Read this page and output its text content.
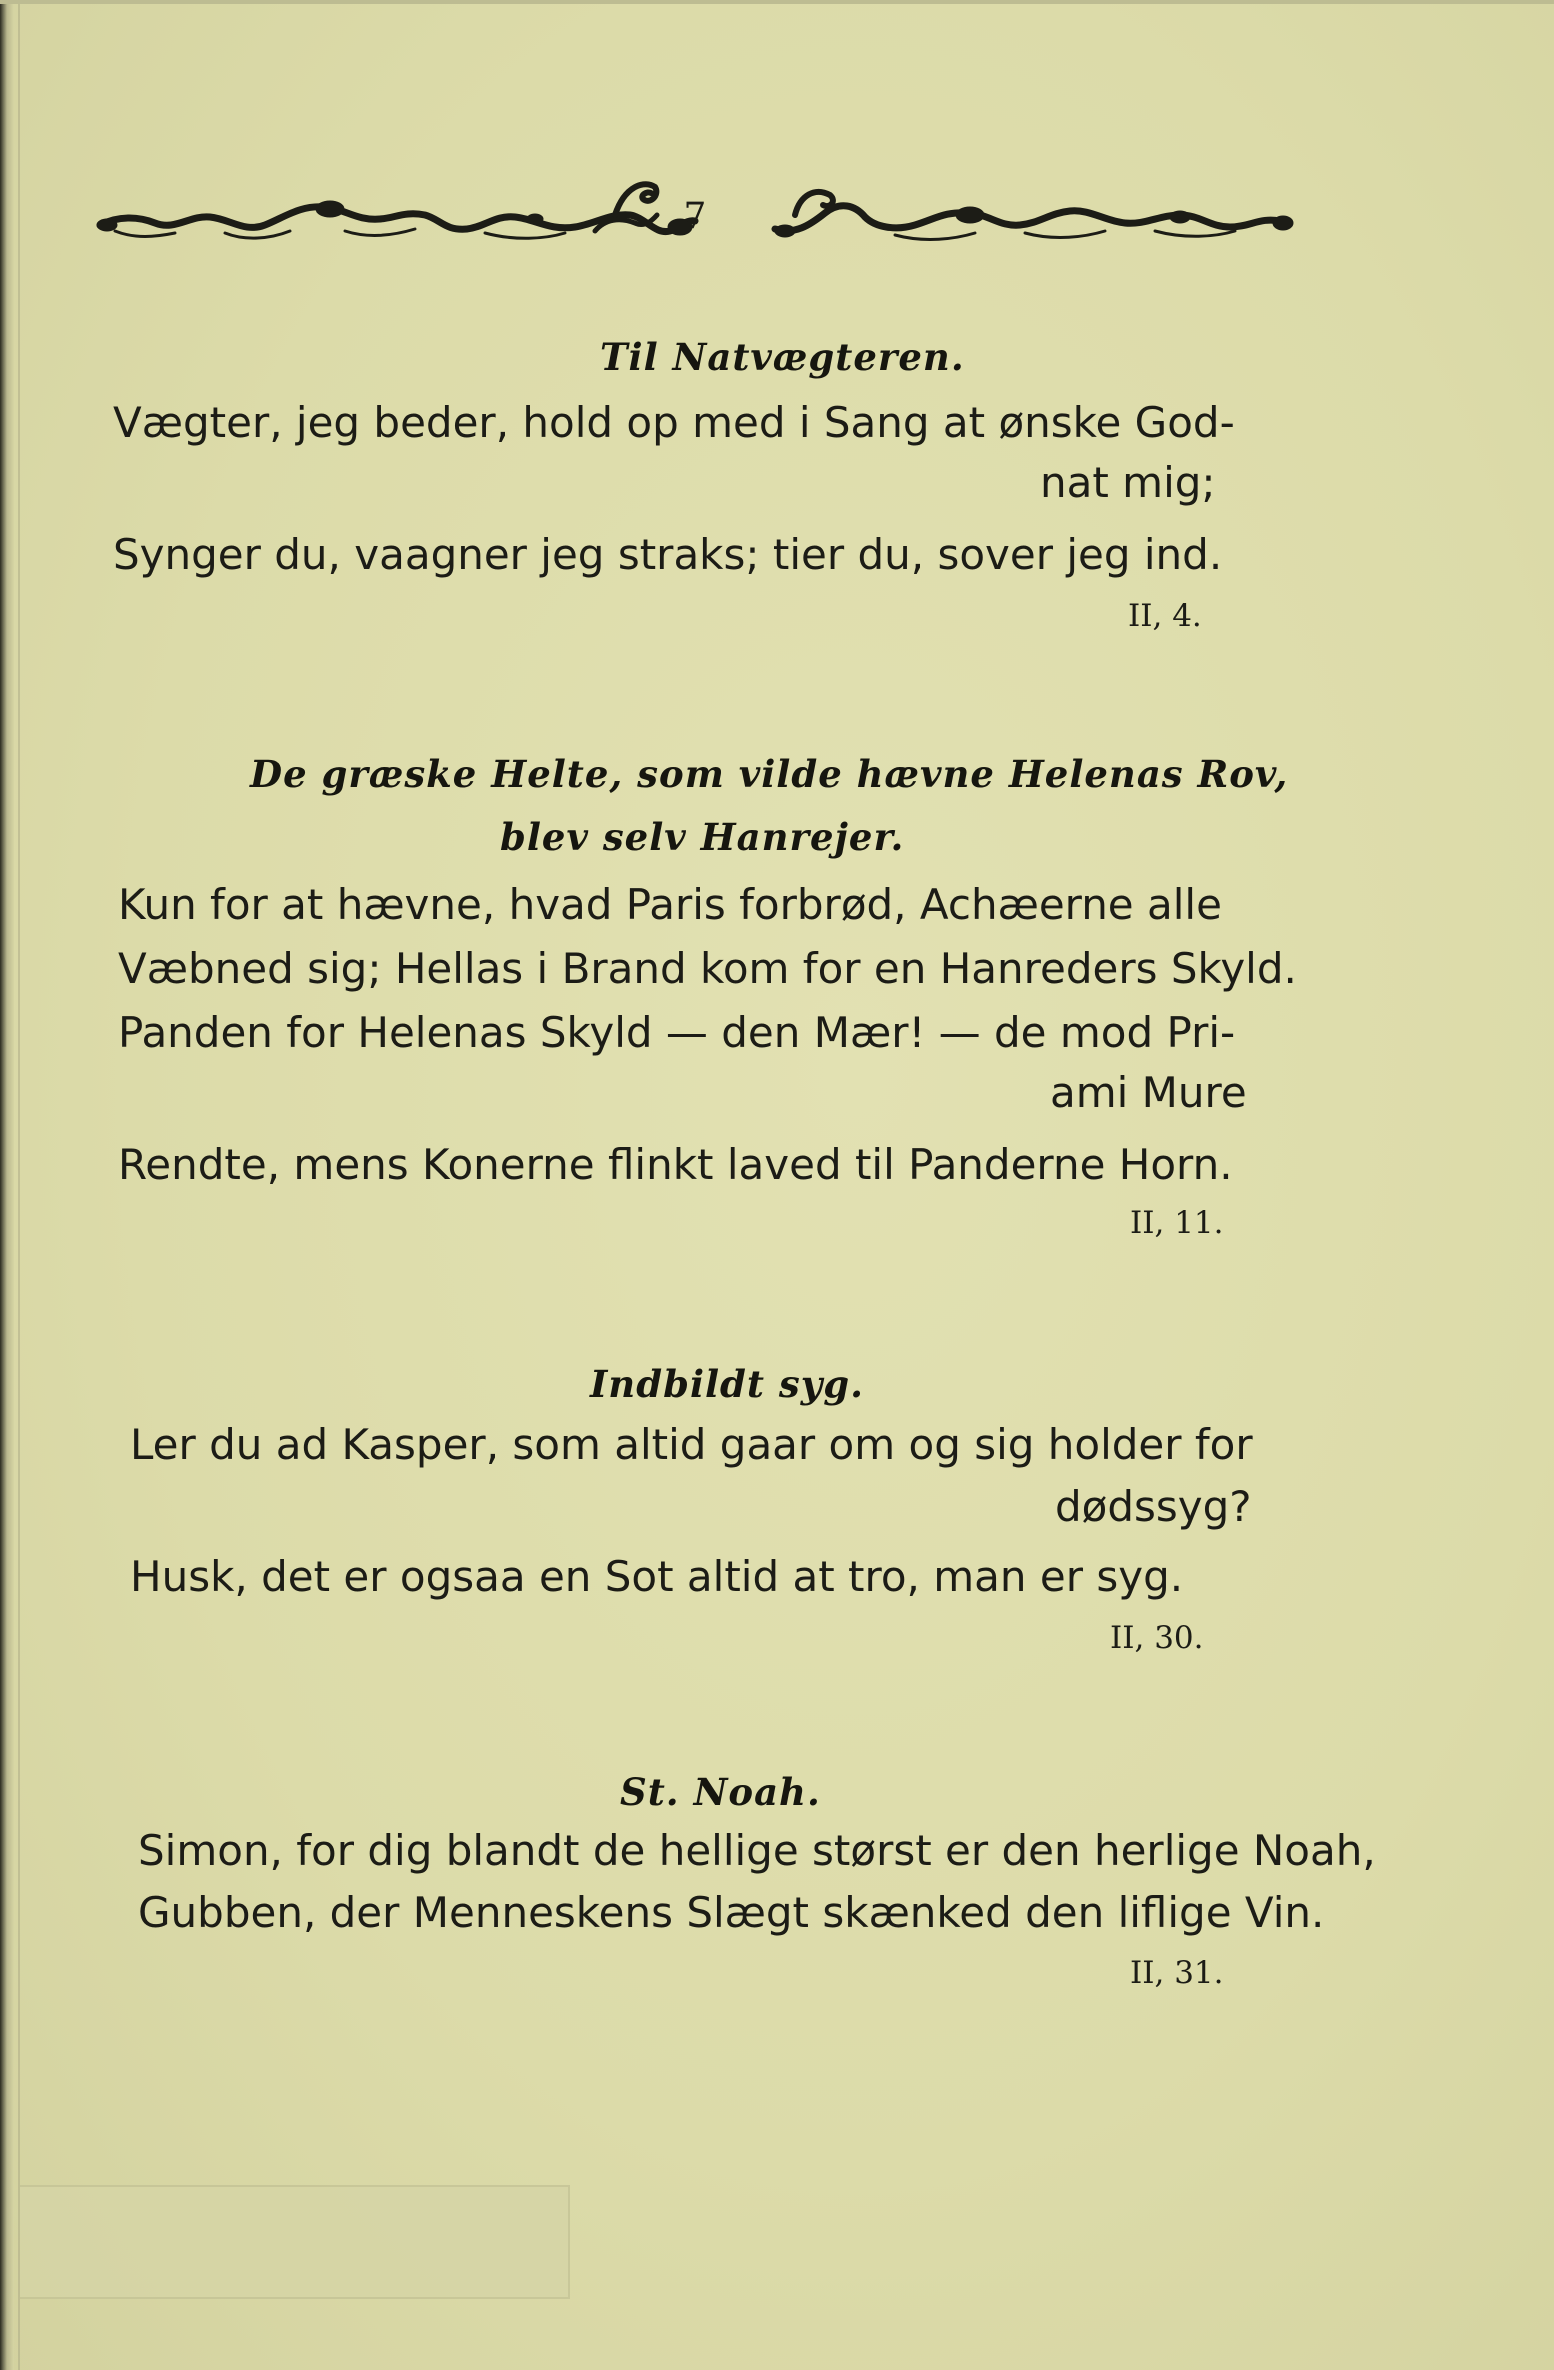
7
Til Natvægteren.
Vægter, jeg beder, hold op med i Sang at ønske God-
nat mig;
Synger du, vaagner jeg straks; tier du, sover jeg ind.
II, 4.
De græske Helte, som vilde hævne Helenas Rov,
blev selv Hanrejer.
Kun for at hævne, hvad Paris forbrød, Achæerne alle
Væbned sig; Hellas i Brand kom for en Hanreders Skyld.
Panden for Helenas Skyld — den Mær! — de mod Pri-
ami Mure
Rendte, mens Konerne flinkt laved til Panderne Horn.
II, 11.
Indbildt syg.
Ler du ad Kasper, som altid gaar om og sig holder for
dødssyg?
Husk, det er ogsaa en Sot altid at tro, man er syg.
II, 30.
St. Noah.
Simon, for dig blandt de hellige størst er den herlige Noah,
Gubben, der Menneskens Slægt skænked den liflige Vin.
II, 31.
